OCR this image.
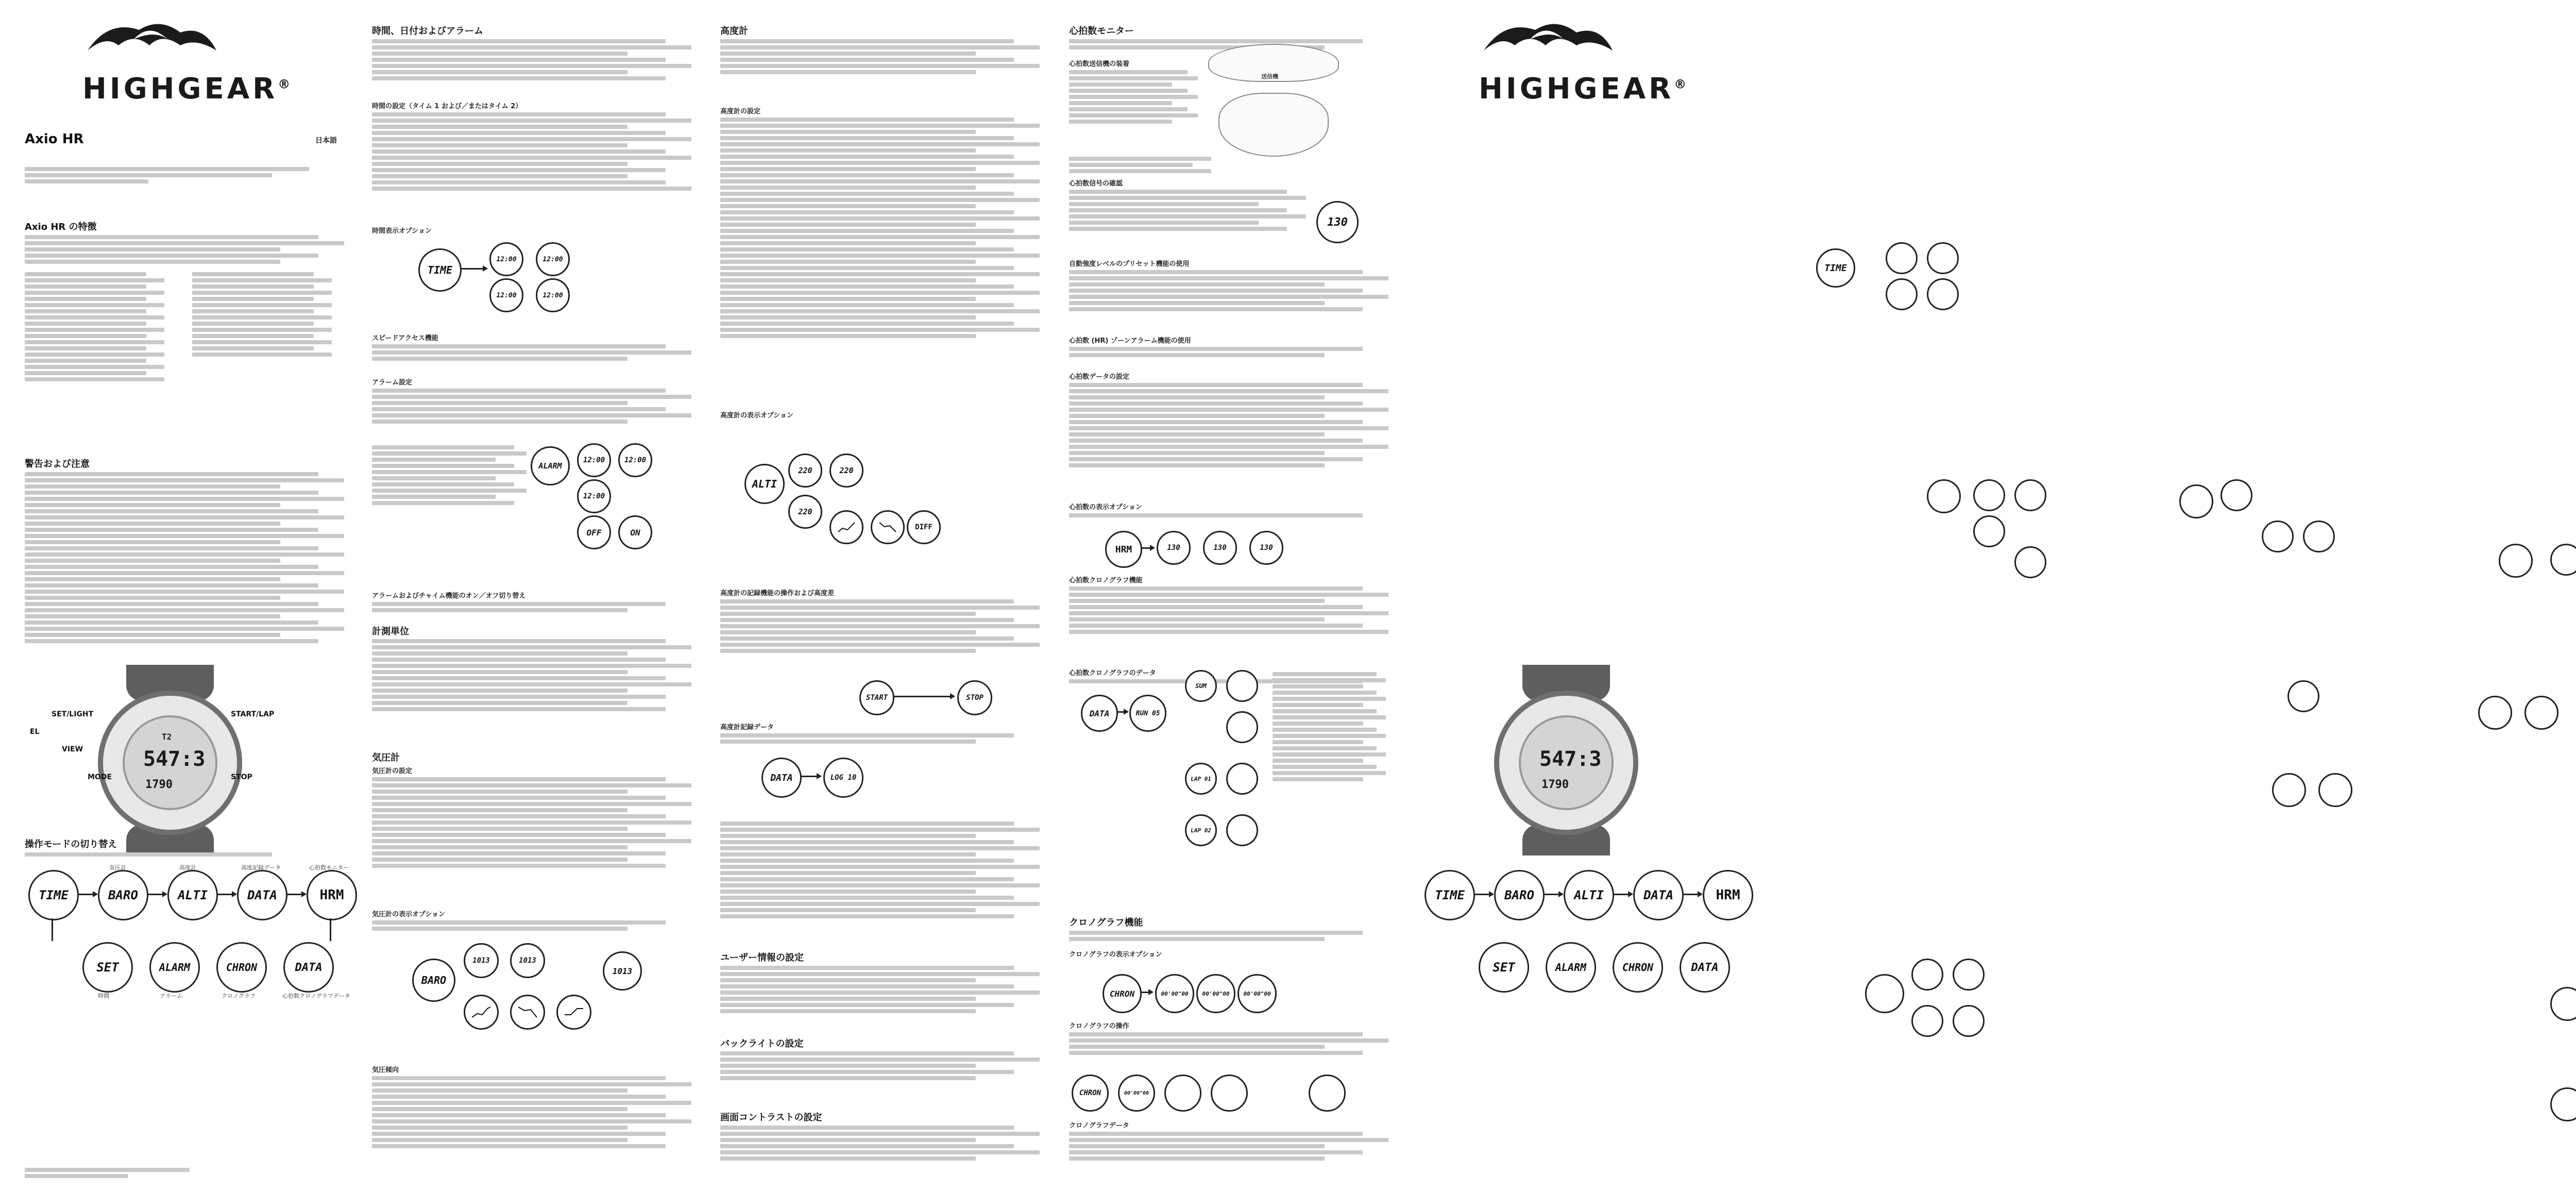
HIGHGEAR®
Axio HR	日本語
Axio HR の特徴
警告および注意
T2
547:3
1790
SET/LIGHT	START/LAP
EL
VIEW
MODE	STOP
操作モードの切り替え
TIME	BARO	ALTI	DATA	HRM
気圧計	高度計	高度記録データ	心拍数モニター
SET	ALARM	CHRON	DATA
時間	アラーム	クロノグラフ	心拍数クロノグラフデータ
時間、日付およびアラーム
時間の設定（タイム 1 および／またはタイム 2）
時間表示オプション
TIME
12:00	12:00
12:00	12:00
スピードアクセス機能
アラーム設定
ALARM
12:00	12:00
12:00
OFF	ON
アラームおよびチャイム機能のオン／オフ切り替え
計測単位
気圧計
気圧計の設定
気圧計の表示オプション
BARO
1013	1013
1013
気圧傾向
高度計
高度計の設定
高度計の表示オプション
ALTI
220	220
220
DIFF
高度計の記録機能の操作および高度差
START	STOP
高度計記録データ
DATA	LOG 10
ユーザー情報の設定
バックライトの設定
画面コントラストの設定
心拍数モニター
心拍数送信機の装着
送信機
心拍数信号の確認
130
自動強度レベルのプリセット機能の使用
心拍数 (HR) ゾーンアラーム機能の使用
心拍数データの設定
心拍数の表示オプション
HRM	130	130	130
心拍数クロノグラフ機能
心拍数クロノグラフのデータ
DATA	RUN 05
SUM
LAP 01
LAP 02
クロノグラフ機能
クロノグラフの表示オプション
CHRON	00'00"00 00'00"00 00'00"00
クロノグラフの操作
CHRON	00'00"00
クロノグラフデータ
HIGHGEAR®
TIME
547:3
1790
TIME	BARO	ALTI	DATA	HRM
SET	ALARM	CHRON	DATA
